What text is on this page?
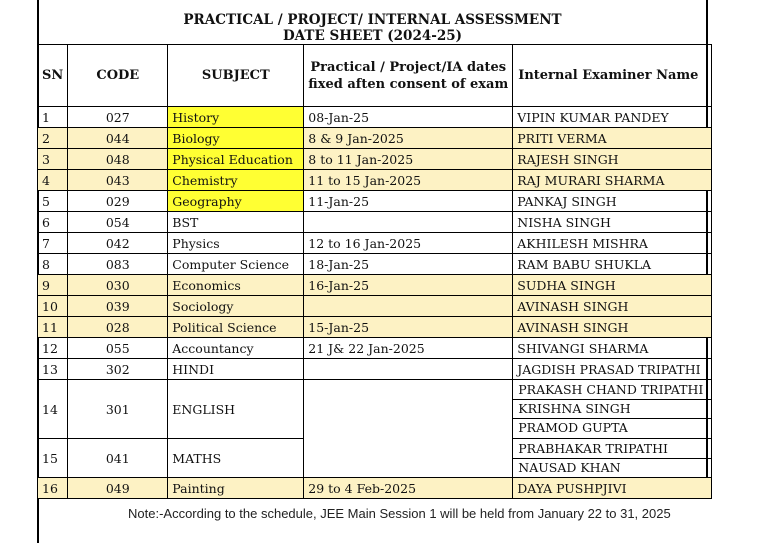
PRACTICAL / PROJECT/ INTERNAL ASSESSMENT
DATE SHEET (2024-25)
SN	CODE	SUBJECT	Practical / Project/IA dates
fixed aften consent of exam	Internal Examiner Name
1	027	History	08-Jan-25	VIPIN KUMAR PANDEY
2	044	Biology	8 & 9 Jan-2025	PRITI VERMA
3	048	Physical Education	8 to 11 Jan-2025	RAJESH SINGH
4	043	Chemistry	11 to 15 Jan-2025	RAJ MURARI SHARMA
5	029	Geography	11-Jan-25	PANKAJ SINGH
6	054	BST		NISHA SINGH
7	042	Physics	12 to 16 Jan-2025	AKHILESH MISHRA
8	083	Computer Science	18-Jan-25	RAM BABU SHUKLA
9	030	Economics	16-Jan-25	SUDHA SINGH
10	039	Sociology		AVINASH SINGH
11	028	Political Science	15-Jan-25	AVINASH SINGH
12	055	Accountancy	21 J& 22 Jan-2025	SHIVANGI SHARMA
13	302	HINDI		JAGDISH PRASAD TRIPATHI
14	301	ENGLISH		PRAKASH CHAND TRIPATHI
KRISHNA SINGH
PRAMOD GUPTA

15	041	MATHS		PRABHAKAR TRIPATHI
NAUSAD KHAN

16	049	Painting	29 to 4 Feb-2025	DAYA PUSHPJIVI
Note:-According to the schedule, JEE Main Session 1 will be held from January 22 to 31, 2025
